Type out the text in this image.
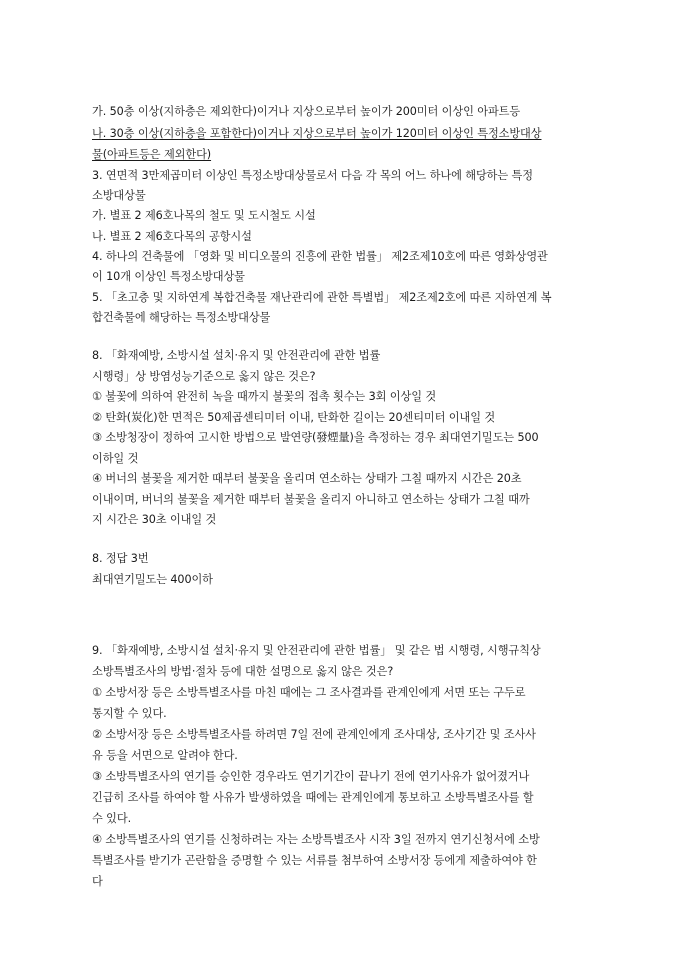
가. 50층 이상(지하층은 제외한다)이거나 지상으로부터 높이가 200미터 이상인 아파트등
나. 30층 이상(지하층을 포함한다)이거나 지상으로부터 높이가 120미터 이상인 특정소방대상
물(아파트등은 제외한다)
3. 연면적 3만제곱미터 이상인 특정소방대상물로서 다음 각 목의 어느 하나에 해당하는 특정
소방대상물
가. 별표 2 제6호나목의 철도 및 도시철도 시설
나. 별표 2 제6호다목의 공항시설
4. 하나의 건축물에 「영화 및 비디오물의 진흥에 관한 법률」 제2조제10호에 따른 영화상영관
이 10개 이상인 특정소방대상물
5. 「초고층 및 지하연계 복합건축물 재난관리에 관한 특별법」 제2조제2호에 따른 지하연계 복
합건축물에 해당하는 특정소방대상물
8. 「화재예방, 소방시설 설치·유지 및 안전관리에 관한 법률
시행령」상 방염성능기준으로 옳지 않은 것은?
① 불꽃에 의하여 완전히 녹을 때까지 불꽃의 접촉 횟수는 3회 이상일 것
② 탄화(炭化)한 면적은 50제곱센티미터 이내, 탄화한 길이는 20센티미터 이내일 것
③ 소방청장이 정하여 고시한 방법으로 발연량(發煙量)을 측정하는 경우 최대연기밀도는 500
이하일 것
④ 버너의 불꽃을 제거한 때부터 불꽃을 올리며 연소하는 상태가 그칠 때까지 시간은 20초
이내이며, 버너의 불꽃을 제거한 때부터 불꽃을 올리지 아니하고 연소하는 상태가 그칠 때까
지 시간은 30초 이내일 것
8. 정답 3번
최대연기밀도는 400이하
9. 「화재예방, 소방시설 설치·유지 및 안전관리에 관한 법률」 및 같은 법 시행령, 시행규칙상
소방특별조사의 방법·절차 등에 대한 설명으로 옳지 않은 것은?
① 소방서장 등은 소방특별조사를 마친 때에는 그 조사결과를 관계인에게 서면 또는 구두로
통지할 수 있다.
② 소방서장 등은 소방특별조사를 하려면 7일 전에 관계인에게 조사대상, 조사기간 및 조사사
유 등을 서면으로 알려야 한다.
③ 소방특별조사의 연기를 승인한 경우라도 연기기간이 끝나기 전에 연기사유가 없어졌거나
긴급히 조사를 하여야 할 사유가 발생하였을 때에는 관계인에게 통보하고 소방특별조사를 할
수 있다.
④ 소방특별조사의 연기를 신청하려는 자는 소방특별조사 시작 3일 전까지 연기신청서에 소방
특별조사를 받기가 곤란함을 증명할 수 있는 서류를 첨부하여 소방서장 등에게 제출하여야 한
다
